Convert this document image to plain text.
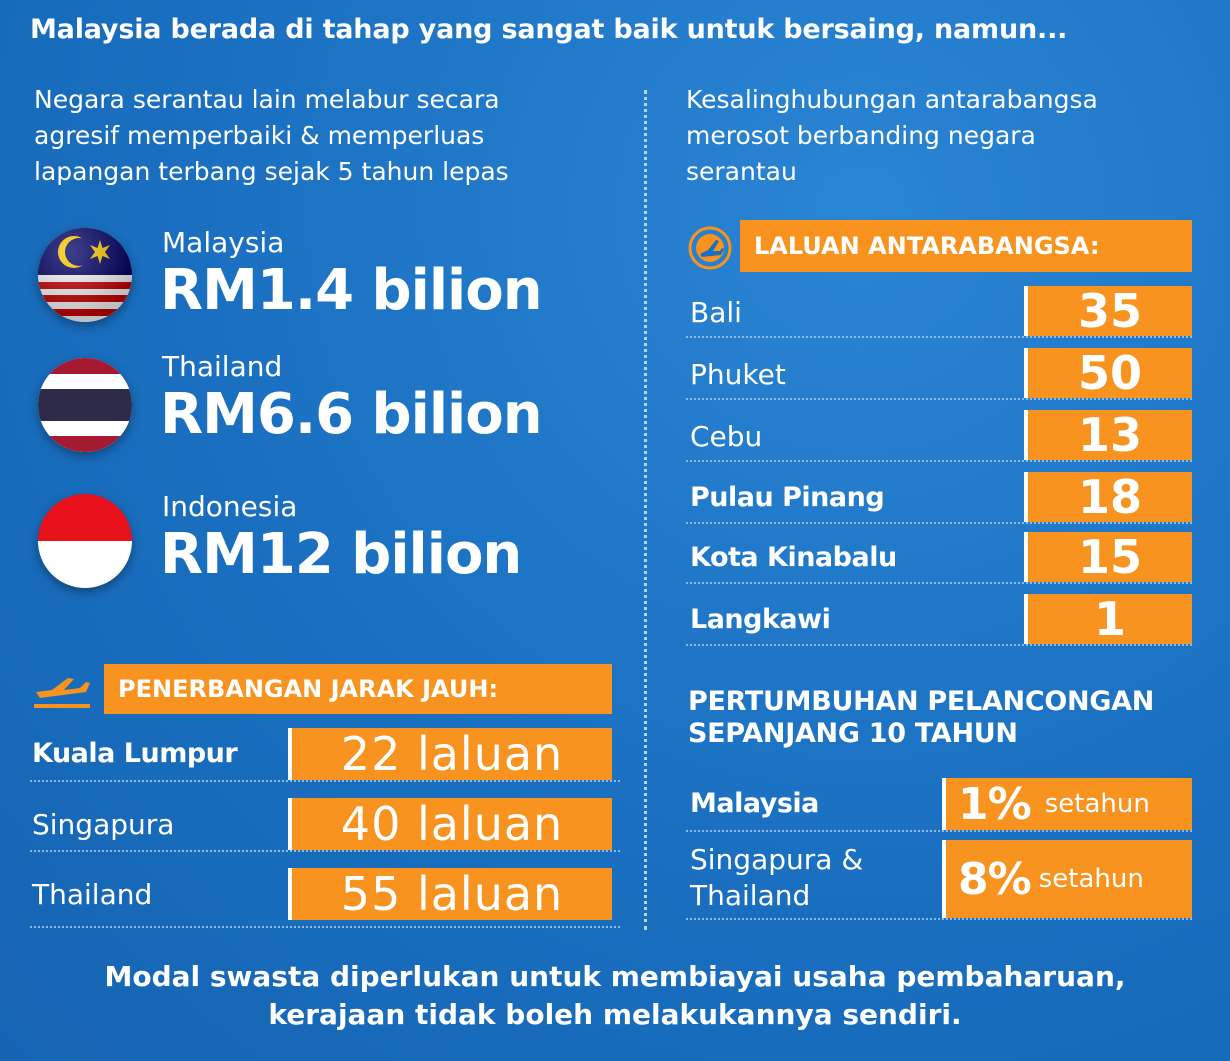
Malaysia berada di tahap yang sangat baik untuk bersaing, namun...
Negara serantau lain melabur secara
agresif memperbaiki & memperluas
lapangan terbang sejak 5 tahun lepas
Malaysia
RM1.4 bilion
Thailand
RM6.6 bilion
Indonesia
RM12 bilion
PENERBANGAN JARAK JAUH:
Kuala Lumpur	22 laluan
Singapura	40 laluan
Thailand	55 laluan
Kesalinghubungan antarabangsa
merosot berbanding negara
serantau
LALUAN ANTARABANGSA:
Bali	35
Phuket	50
Cebu	13
Pulau Pinang	18
Kota Kinabalu	15
Langkawi	1
PERTUMBUHAN PELANCONGAN
SEPANJANG 10 TAHUN
Malaysia	1% setahun
Singapura &
Thailand	8% setahun
Modal swasta diperlukan untuk membiayai usaha pembaharuan,
kerajaan tidak boleh melakukannya sendiri.
